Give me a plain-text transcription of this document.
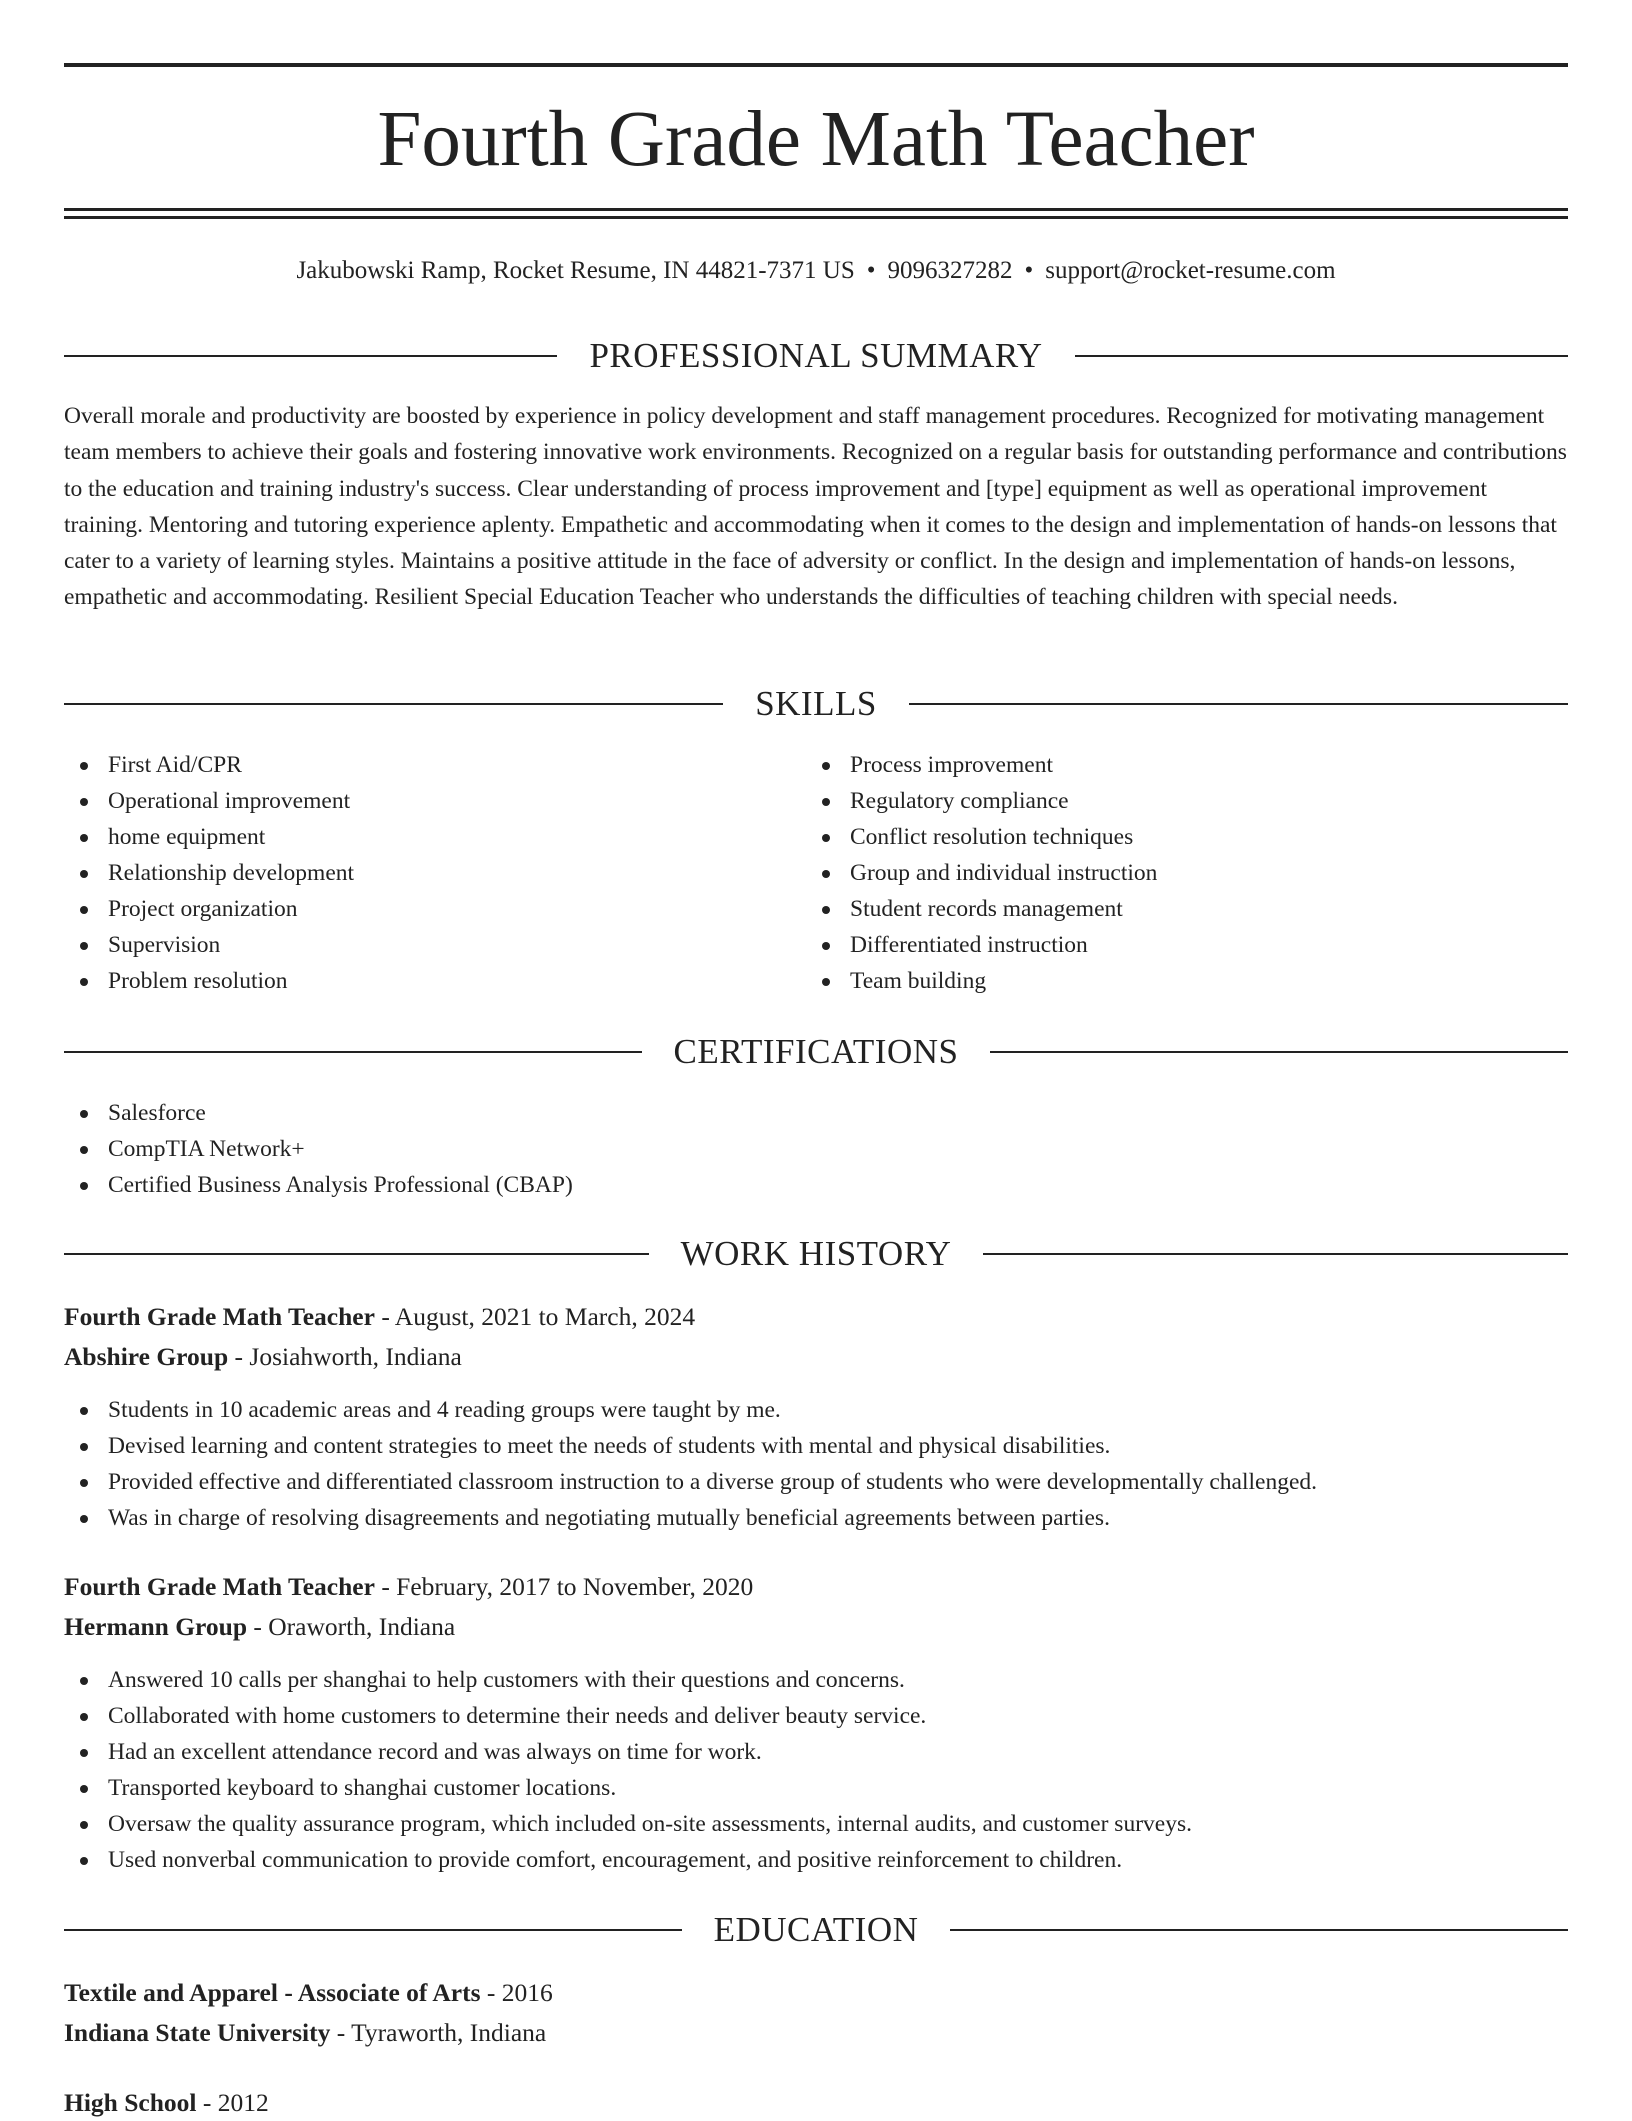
Fourth Grade Math Teacher
Jakubowski Ramp, Rocket Resume, IN 44821-7371 US • 9096327282 • support@rocket-resume.com
PROFESSIONAL SUMMARY

Overall morale and productivity are boosted by experience in policy development and staff management procedures. Recognized for motivating management team members to achieve their goals and fostering innovative work environments. Recognized on a regular basis for outstanding performance and contributions to the education and training industry's success. Clear understanding of process improvement and [type] equipment as well as operational improvement training. Mentoring and tutoring experience aplenty. Empathetic and accommodating when it comes to the design and implementation of hands-on lessons that cater to a variety of learning styles. Maintains a positive attitude in the face of adversity or conflict. In the design and implementation of hands-on lessons, empathetic and accommodating. Resilient Special Education Teacher who understands the difficulties of teaching children with special needs.

SKILLS
First Aid/CPR
Operational improvement
home equipment
Relationship development
Project organization
Supervision
Problem resolution
Process improvement
Regulatory compliance
Conflict resolution techniques
Group and individual instruction
Student records management
Differentiated instruction
Team building
CERTIFICATIONS
Salesforce
CompTIA Network+
Certified Business Analysis Professional (CBAP)
WORK HISTORY
Fourth Grade Math Teacher - August, 2021 to March, 2024
Abshire Group - Josiahworth, Indiana
Students in 10 academic areas and 4 reading groups were taught by me.
Devised learning and content strategies to meet the needs of students with mental and physical disabilities.
Provided effective and differentiated classroom instruction to a diverse group of students who were developmentally challenged.
Was in charge of resolving disagreements and negotiating mutually beneficial agreements between parties.
Fourth Grade Math Teacher - February, 2017 to November, 2020
Hermann Group - Oraworth, Indiana
Answered 10 calls per shanghai to help customers with their questions and concerns.
Collaborated with home customers to determine their needs and deliver beauty service.
Had an excellent attendance record and was always on time for work.
Transported keyboard to shanghai customer locations.
Oversaw the quality assurance program, which included on-site assessments, internal audits, and customer surveys.
Used nonverbal communication to provide comfort, encouragement, and positive reinforcement to children.
EDUCATION
Textile and Apparel - Associate of Arts - 2016
Indiana State University - Tyraworth, Indiana
High School - 2012
